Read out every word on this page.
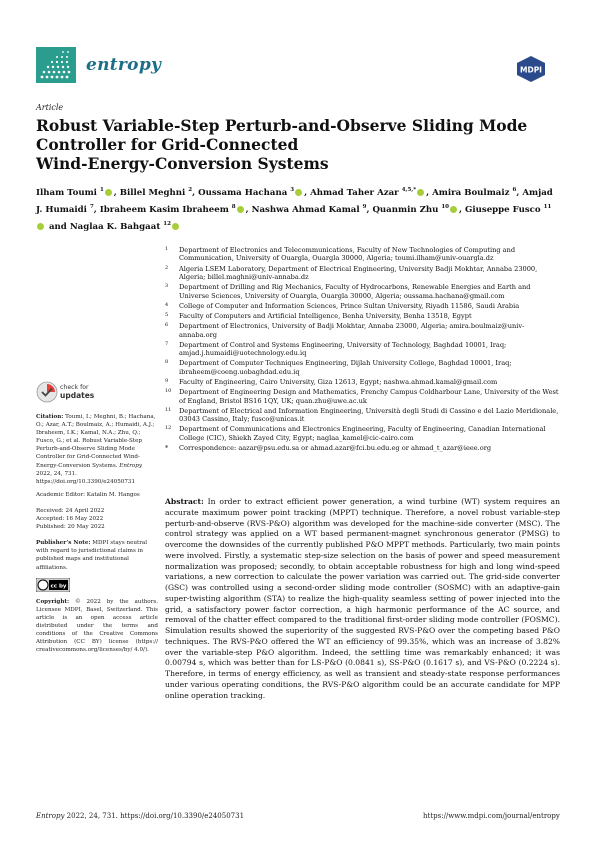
entropy	MDPI
Article
Robust Variable-Step Perturb-and-Observe Sliding Mode
Controller for Grid-Connected
Wind-Energy-Conversion Systems
Ilham Toumi $^1$ , Billel Meghni $^2$, Oussama Hachana $^3$ , Ahmad Taher Azar $^{4,5,*}$ , Amira Boulmaiz $^6$, Amjad J. Humaidi $^7$, Ibraheem Kasim Ibraheem $^8$ , Nashwa Ahmad Kamal $^9$, Quanmin Zhu $^{10}$ , Giuseppe Fusco $^{11}$ and Naglaa K. Bahgaat $^{12}$
1 Department of Electronics and Telecommunications, Faculty of New Technologies of Computing and Communication, University of Ouargla, Ouargla 30000, Algeria; toumi.ilham@univ-ouargla.dz
2 Algeria LSEM Laboratory, Department of Electrical Engineering, University Badji Mokhtar, Annaba 23000, Algeria; billel.maghni@univ-annaba.dz
3 Department of Drilling and Rig Mechanics, Faculty of Hydrocarbons, Renewable Energies and Earth and Universe Sciences, University of Ouargla, Ouargla 30000, Algeria; oussama.hachana@gmail.com
4 College of Computer and Information Sciences, Prince Sultan University, Riyadh 11586, Saudi Arabia
5 Faculty of Computers and Artificial Intelligence, Benha University, Benha 13518, Egypt
6 Department of Electronics, University of Badji Mokhtar, Annaba 23000, Algeria; amira.boulmaiz@univ-annaba.org
7 Department of Control and Systems Engineering, University of Technology, Baghdad 10001, Iraq; amjad.j.humaidi@uotechnology.edu.iq
8 Department of Computer Techniques Engineering, Dijlah University College, Baghdad 10001, Iraq; ibraheem@coeng.uobaghdad.edu.iq
9 Faculty of Engineering, Cairo University, Giza 12613, Egypt; nashwa.ahmad.kamal@gmail.com
10 Department of Engineering Design and Mathematics, Frenchy Campus Coldharbour Lane, University of the West of England, Bristol BS16 1QY, UK; quan.zhu@uwe.ac.uk
11 Department of Electrical and Information Engineering, Università degli Studi di Cassino e del Lazio Meridionale, 03043 Cassino, Italy; fusco@unicas.it
12 Department of Communications and Electronics Engineering, Faculty of Engineering, Canadian International College (CIC), Shiekh Zayed City, Egypt; naglaa_kamel@cic-cairo.com
* Correspondence: aazar@psu.edu.sa or ahmad.azar@fci.bu.edu.eg or ahmad_t_azar@ieee.org
check for
updates

Citation: Toumi, I.; Meghni, B.; Hachana, O.; Azar, A.T.; Boulmaiz, A.; Humaidi, A.J.; Ibraheem, I.K.; Kamal, N.A.; Zhu, Q.; Fusco, G.; et al. Robust Variable-Step Perturb-and-Observe Sliding Mode Controller for Grid-Connected Wind-Energy-Conversion Systems. Entropy 2022, 24, 731. https://doi.org/10.3390/e24050731

Academic Editor: Katalin M. Hangos

Received: 24 April 2022
Accepted: 16 May 2022
Published: 20 May 2022

Publisher’s Note: MDPI stays neutral with regard to jurisdictional claims in published maps and institutional affiliations.

cc by

Copyright: © 2022 by the authors. Licensee MDPI, Basel, Switzerland. This article is an open access article distributed under the terms and conditions of the Creative Commons Attribution (CC BY) license (https:// creativecommons.org/licenses/by/ 4.0/).

Abstract: In order to extract efficient power generation, a wind turbine (WT) system requires an accurate maximum power point tracking (MPPT) technique. Therefore, a novel robust variable-step perturb-and-observe (RVS-P&O) algorithm was developed for the machine-side converter (MSC). The control strategy was applied on a WT based permanent-magnet synchronous generator (PMSG) to overcome the downsides of the currently published P&O MPPT methods. Particularly, two main points were involved. Firstly, a systematic step-size selection on the basis of power and speed measurement normalization was proposed; secondly, to obtain acceptable robustness for high and long wind-speed variations, a new correction to calculate the power variation was carried out. The grid-side converter (GSC) was controlled using a second-order sliding mode controller (SOSMC) with an adaptive-gain super-twisting algorithm (STA) to realize the high-quality seamless setting of power injected into the grid, a satisfactory power factor correction, a high harmonic performance of the AC source, and removal of the chatter effect compared to the traditional first-order sliding mode controller (FOSMC). Simulation results showed the superiority of the suggested RVS-P&O over the competing based P&O techniques. The RVS-P&O offered the WT an efficiency of 99.35%, which was an increase of 3.82% over the variable-step P&O algorithm. Indeed, the settling time was remarkably enhanced; it was 0.00794 s, which was better than for LS-P&O (0.0841 s), SS-P&O (0.1617 s), and VS-P&O (0.2224 s). Therefore, in terms of energy efficiency, as well as transient and steady-state response performances under various operating conditions, the RVS-P&O algorithm could be an accurate candidate for MPP online operation tracking.
Entropy 2022, 24, 731. https://doi.org/10.3390/e24050731	https://www.mdpi.com/journal/entropy
